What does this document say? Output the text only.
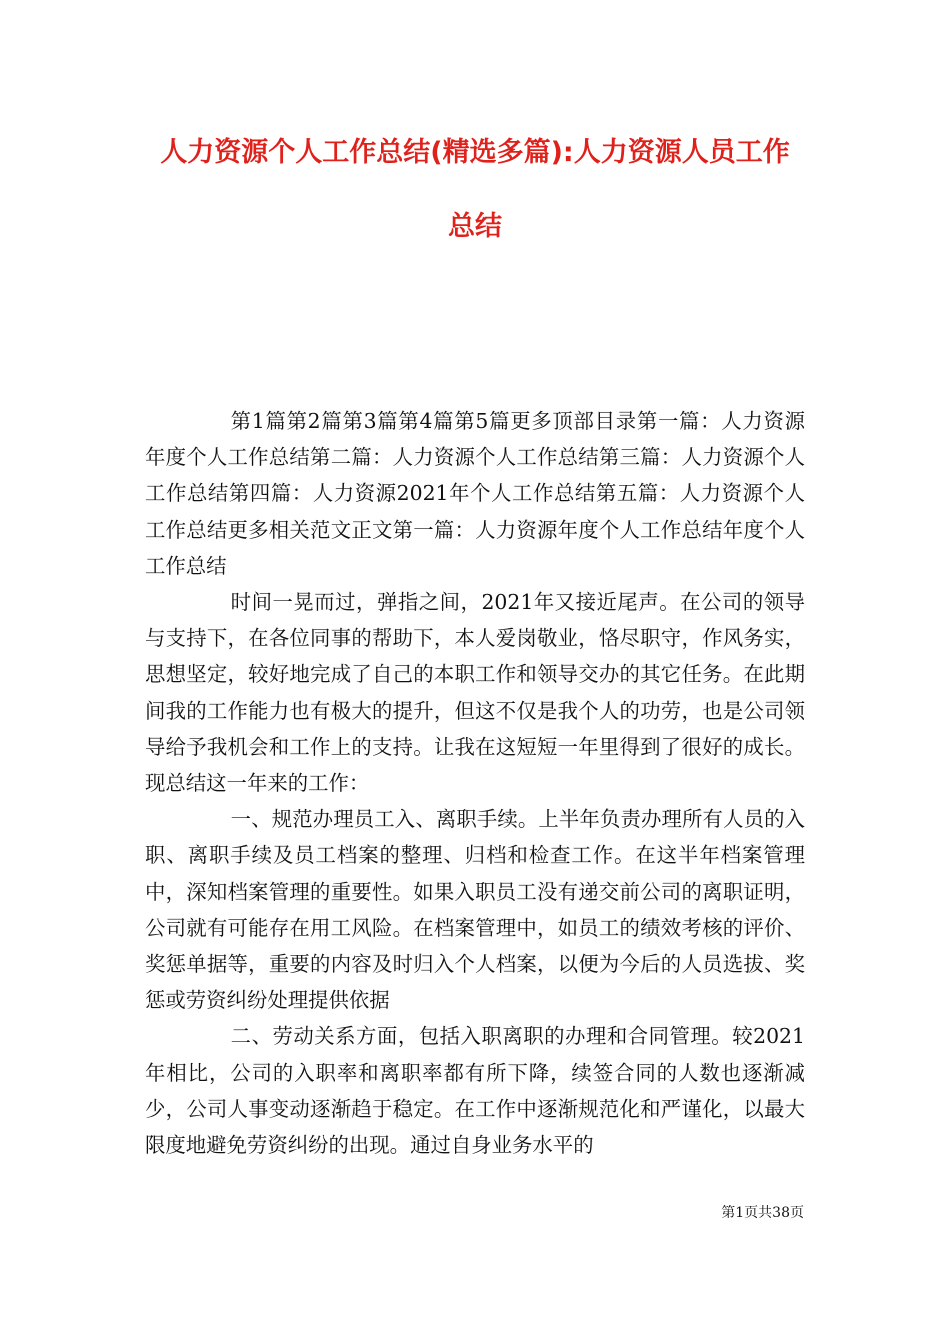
人力资源个人工作总结(精选多篇):人力资源人员工作
总结

第1篇第2篇第3篇第4篇第5篇更多顶部目录第一篇：人力资源年度个人工作总结第二篇：人力资源个人工作总结第三篇：人力资源个人工作总结第四篇：人力资源2021年个人工作总结第五篇：人力资源个人工作总结更多相关范文正文第一篇：人力资源年度个人工作总结年度个人工作总结

时间一晃而过，弹指之间，2021年又接近尾声。在公司的领导与支持下，在各位同事的帮助下，本人爱岗敬业，恪尽职守，作风务实，思想坚定，较好地完成了自己的本职工作和领导交办的其它任务。在此期间我的工作能力也有极大的提升，但这不仅是我个人的功劳，也是公司领导给予我机会和工作上的支持。让我在这短短一年里得到了很好的成长。现总结这一年来的工作：

一、规范办理员工入、离职手续。上半年负责办理所有人员的入职、离职手续及员工档案的整理、归档和检查工作。在这半年档案管理中，深知档案管理的重要性。如果入职员工没有递交前公司的离职证明，公司就有可能存在用工风险。在档案管理中，如员工的绩效考核的评价、奖惩单据等，重要的内容及时归入个人档案，以便为今后的人员选拔、奖惩或劳资纠纷处理提供依据

二、劳动关系方面，包括入职离职的办理和合同管理。较2021年相比，公司的入职率和离职率都有所下降，续签合同的人数也逐渐减少，公司人事变动逐渐趋于稳定。在工作中逐渐规范化和严谨化，以最大限度地避免劳资纠纷的出现。通过自身业务水平的

第1页共38页
